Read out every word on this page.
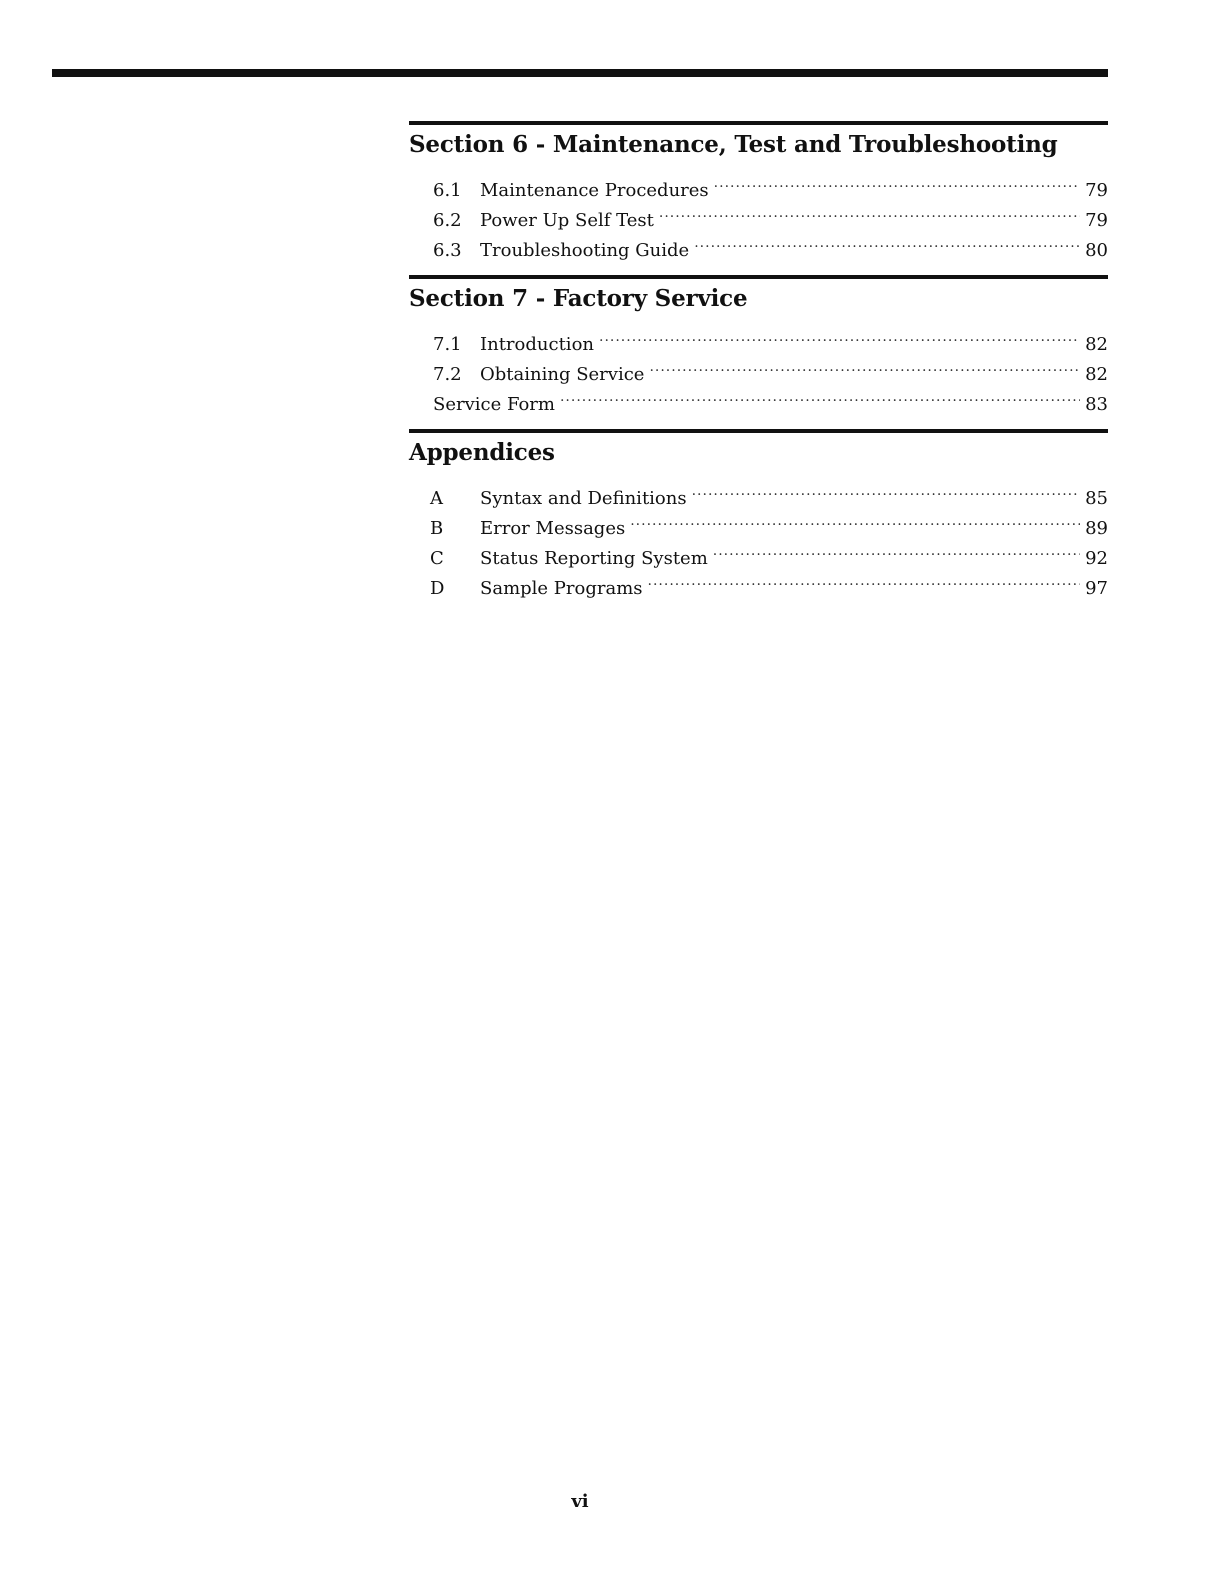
Section 6 - Maintenance, Test and Troubleshooting
6.1	Maintenance Procedures .....	79
6.2	Power Up Self Test .....	79
6.3	Troubleshooting Guide .....	80
Section 7 - Factory Service
7.1	Introduction .....	82
7.2	Obtaining Service .....	82
Service Form .....	83
Appendices
A	Syntax and Definitions .....	85
B	Error Messages .....	89
C	Status Reporting System .....	92
D	Sample Programs .....	97
vi
